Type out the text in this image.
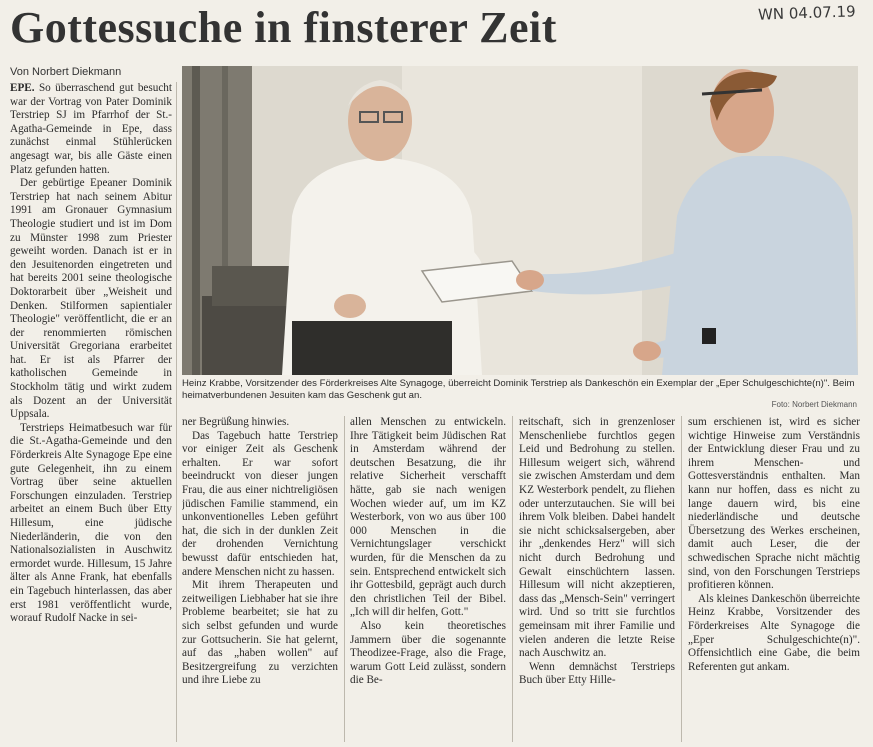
Gottessuche in finsterer Zeit	WN 04.07.19
Von Norbert Diekmann
Heinz Krabbe, Vorsitzender des Förderkreises Alte Synagoge, überreicht Dominik Terstriep als Dankeschön ein Exemplar der „Eper Schulgeschichte(n)". Beim heimatverbundenen Jesuiten kam das Geschenk gut an.
Foto: Norbert Diekmann

EPE. So überraschend gut besucht war der Vortrag von Pater Dominik Terstriep SJ im Pfarrhof der St.-Agatha-Gemeinde in Epe, dass zunächst einmal Stühlerücken angesagt war, bis alle Gäste einen Platz gefunden hatten.

Der gebürtige Epeaner Dominik Terstriep hat nach seinem Abitur 1991 am Gronauer Gymnasium Theologie studiert und ist im Dom zu Münster 1998 zum Priester geweiht worden. Danach ist er in den Jesuitenorden eingetreten und hat bereits 2001 seine theologische Doktorarbeit über „Weisheit und Denken. Stilformen sapientialer Theologie" veröffentlicht, die er an der renommierten römischen Universität Gregoriana erarbeitet hat. Er ist als Pfarrer der katholischen Gemeinde in Stockholm tätig und wirkt zudem als Dozent an der Universität Uppsala.

Terstrieps Heimatbesuch war für die St.-Agatha-Gemeinde und den Förderkreis Alte Synagoge Epe eine gute Gelegenheit, ihn zu einem Vortrag über seine aktuellen Forschungen einzuladen. Terstriep arbeitet an einem Buch über Etty Hillesum, eine jüdische Niederländerin, die von den Nationalsozialisten in Auschwitz ermordet wurde. Hillesum, 15 Jahre älter als Anne Frank, hat ebenfalls ein Tagebuch hinterlassen, das aber erst 1981 veröffentlicht wurde, worauf Rudolf Nacke in sei-

ner Begrüßung hinwies.

Das Tagebuch hatte Terstriep vor einiger Zeit als Geschenk erhalten. Er war sofort beeindruckt von dieser jungen Frau, die aus einer nichtreligiösen jüdischen Familie stammend, ein unkonventionelles Leben geführt hat, die sich in der dunklen Zeit der drohenden Vernichtung bewusst dafür entschieden hat, andere Menschen nicht zu hassen.

Mit ihrem Therapeuten und zeitweiligen Liebhaber hat sie ihre Probleme bearbeitet; sie hat zu sich selbst gefunden und wurde zur Gottsucherin. Sie hat gelernt, auf das „haben wollen" auf Besitzergreifung zu verzichten und ihre Liebe zu

allen Menschen zu entwickeln. Ihre Tätigkeit beim Jüdischen Rat in Amsterdam während der deutschen Besatzung, die ihr relative Sicherheit verschafft hätte, gab sie nach wenigen Wochen wieder auf, um im KZ Westerbork, von wo aus über 100 000 Menschen in die Vernichtungslager verschickt wurden, für die Menschen da zu sein. Entsprechend entwickelt sich ihr Gottesbild, geprägt auch durch den christlichen Teil der Bibel. „Ich will dir helfen, Gott."

Also kein theoretisches Jammern über die sogenannte Theodizee-Frage, also die Frage, warum Gott Leid zulässt, sondern die Be-

reitschaft, sich in grenzenloser Menschenliebe furchtlos gegen Leid und Bedrohung zu stellen. Hillesum weigert sich, während sie zwischen Amsterdam und dem KZ Westerbork pendelt, zu fliehen oder unterzutauchen. Sie will bei ihrem Volk bleiben. Dabei handelt sie nicht schicksalsergeben, aber ihr „denkendes Herz" will sich nicht durch Bedrohung und Gewalt einschüchtern lassen. Hillesum will nicht akzeptieren, dass das „Mensch-Sein" verringert wird. Und so tritt sie furchtlos gemeinsam mit ihrer Familie und vielen anderen die letzte Reise nach Auschwitz an.

Wenn demnächst Terstrieps Buch über Etty Hille-

sum erschienen ist, wird es sicher wichtige Hinweise zum Verständnis der Entwicklung dieser Frau und zu ihrem Menschen- und Gottesverständnis enthalten. Man kann nur hoffen, dass es nicht zu lange dauern wird, bis eine niederländische und deutsche Übersetzung des Werkes erscheinen, damit auch Leser, die der schwedischen Sprache nicht mächtig sind, von den Forschungen Terstrieps profitieren können.

Als kleines Dankeschön überreichte Heinz Krabbe, Vorsitzender des Förderkreises Alte Synagoge die „Eper Schulgeschichte(n)". Offensichtlich eine Gabe, die beim Referenten gut ankam.
